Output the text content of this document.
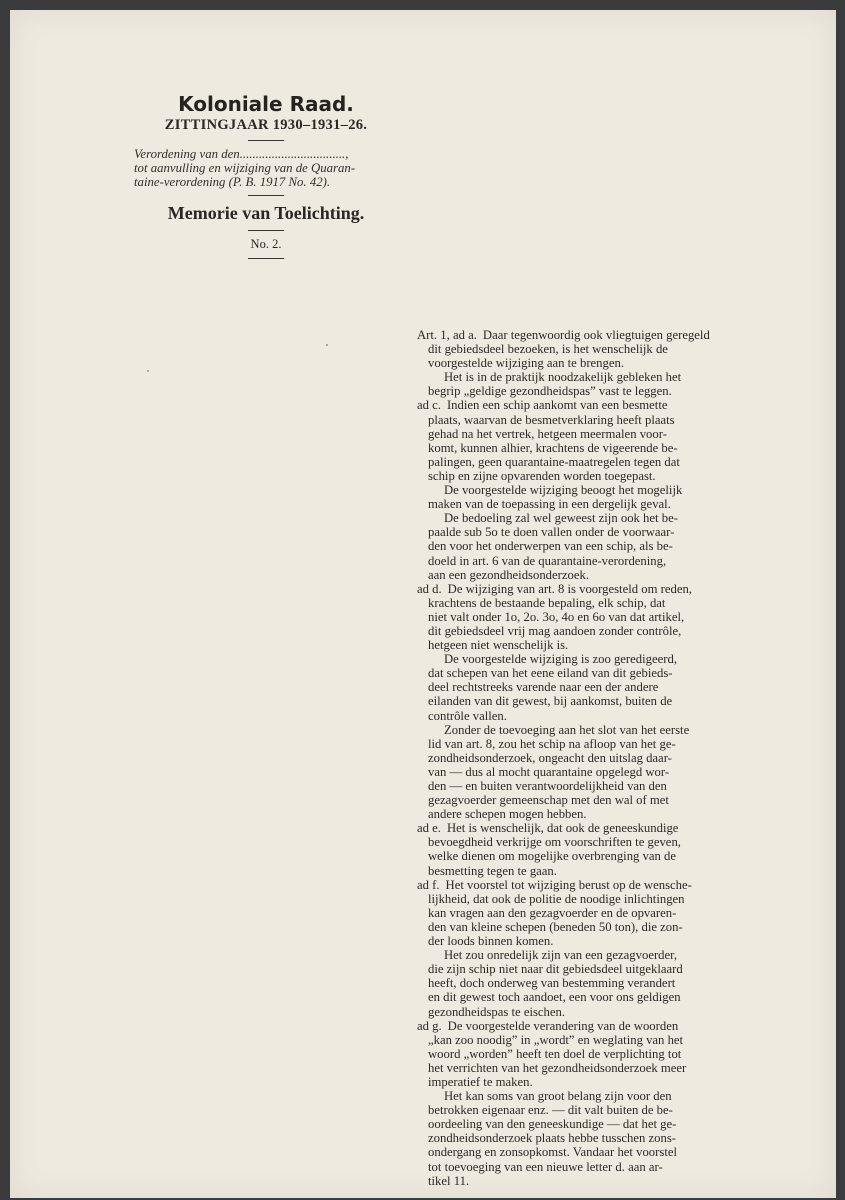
Koloniale Raad.

ZITTINGJAAR 1930–1931–26.

Verordening van den.................................,
tot aanvulling en wijziging van de Quaran-
taine-verordening (P. B. 1917 No. 42).

Memorie van Toelichting.

No. 2.

Art. 1, ad a. Daar tegenwoordig ook vliegtuigen geregeld
dit gebiedsdeel bezoeken, is het wenschelijk de
voorgestelde wijziging aan te brengen.
Het is in de praktijk noodzakelijk gebleken het
begrip „geldige gezondheidspas” vast te leggen.
ad c. Indien een schip aankomt van een besmette
plaats, waarvan de besmetverklaring heeft plaats
gehad na het vertrek, hetgeen meermalen voor-
komt, kunnen alhier, krachtens de vigeerende be-
palingen, geen quarantaine-maatregelen tegen dat
schip en zijne opvarenden worden toegepast.
De voorgestelde wijziging beoogt het mogelijk
maken van de toepassing in een dergelijk geval.
De bedoeling zal wel geweest zijn ook het be-
paalde sub 5o te doen vallen onder de voorwaar-
den voor het onderwerpen van een schip, als be-
doeld in art. 6 van de quarantaine-verordening,
aan een gezondheidsonderzoek.
ad d. De wijziging van art. 8 is voorgesteld om reden,
krachtens de bestaande bepaling, elk schip, dat
niet valt onder 1o, 2o. 3o, 4o en 6o van dat artikel,
dit gebiedsdeel vrij mag aandoen zonder contrôle,
hetgeen niet wenschelijk is.
De voorgestelde wijziging is zoo geredigeerd,
dat schepen van het eene eiland van dit gebieds-
deel rechtstreeks varende naar een der andere
eilanden van dit gewest, bij aankomst, buiten de
contrôle vallen.
Zonder de toevoeging aan het slot van het eerste
lid van art. 8, zou het schip na afloop van het ge-
zondheidsonderzoek, ongeacht den uitslag daar-
van — dus al mocht quarantaine opgelegd wor-
den — en buiten verantwoordelijkheid van den
gezagvoerder gemeenschap met den wal of met
andere schepen mogen hebben.
ad e. Het is wenschelijk, dat ook de geneeskundige
bevoegdheid verkrijge om voorschriften te geven,
welke dienen om mogelijke overbrenging van de
besmetting tegen te gaan.
ad f. Het voorstel tot wijziging berust op de wensche-
lijkheid, dat ook de politie de noodige inlichtingen
kan vragen aan den gezagvoerder en de opvaren-
den van kleine schepen (beneden 50 ton), die zon-
der loods binnen komen.
Het zou onredelijk zijn van een gezagvoerder,
die zijn schip niet naar dit gebiedsdeel uitgeklaard
heeft, doch onderweg van bestemming verandert
en dit gewest toch aandoet, een voor ons geldigen
gezondheidspas te eischen.
ad g. De voorgestelde verandering van de woorden
„kan zoo noodig” in „wordt” en weglating van het
woord „worden” heeft ten doel de verplichting tot
het verrichten van het gezondheidsonderzoek meer
imperatief te maken.
Het kan soms van groot belang zijn voor den
betrokken eigenaar enz. — dit valt buiten de be-
oordeeling van den geneeskundige — dat het ge-
zondheidsonderzoek plaats hebbe tusschen zons-
ondergang en zonsopkomst. Vandaar het voorstel
tot toevoeging van een nieuwe letter d. aan ar-
tikel 11.
